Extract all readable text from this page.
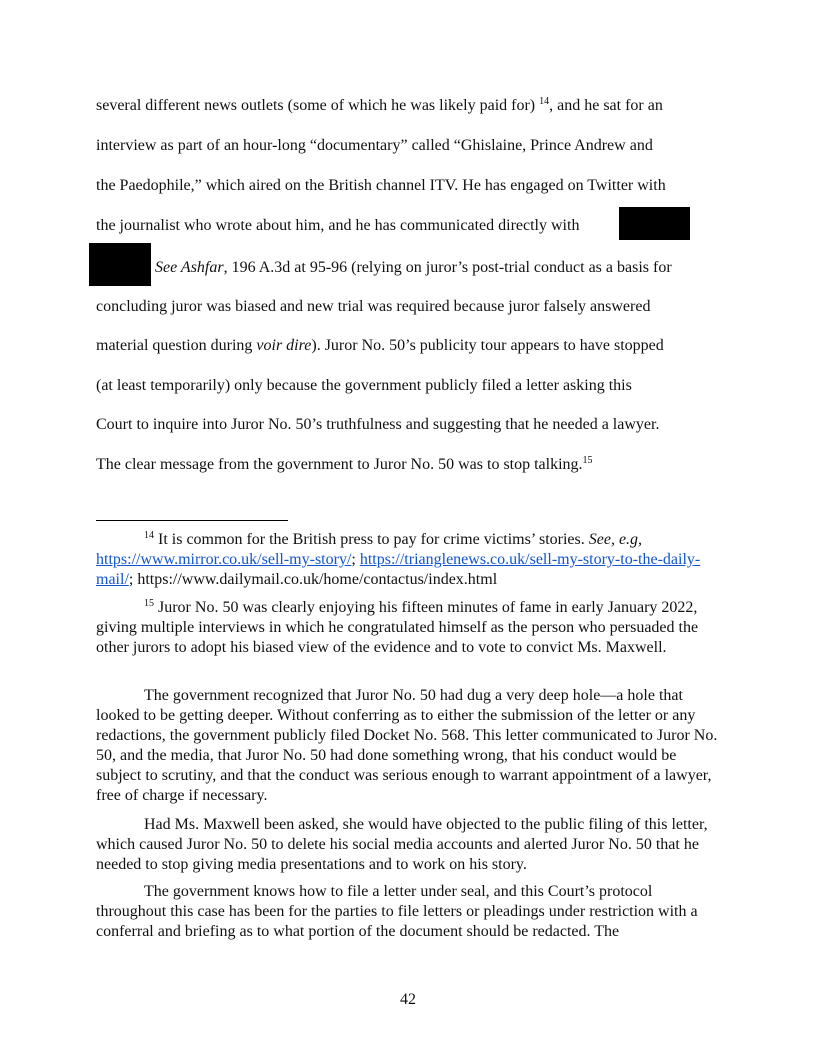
several different news outlets (some of which he was likely paid for) $^{14}$, and he sat for an
interview as part of an hour-long “documentary” called “Ghislaine, Prince Andrew and
the Paedophile,” which aired on the British channel ITV. He has engaged on Twitter with
the journalist who wrote about him, and he has communicated directly with
See Ashfar, 196 A.3d at 95-96 (relying on juror’s post-trial conduct as a basis for
concluding juror was biased and new trial was required because juror falsely answered
material question during voir dire). Juror No. 50’s publicity tour appears to have stopped
(at least temporarily) only because the government publicly filed a letter asking this
Court to inquire into Juror No. 50’s truthfulness and suggesting that he needed a lawyer.
The clear message from the government to Juror No. 50 was to stop talking.$^{15}$
$^{14}$ It is common for the British press to pay for crime victims’ stories. See, e.g, https://www.mirror.co.uk/sell-my-story/; https://trianglenews.co.uk/sell-my-story-to-the-daily-mail/; https://www.dailymail.co.uk/home/contactus/index.html
$^{15}$ Juror No. 50 was clearly enjoying his fifteen minutes of fame in early January 2022, giving multiple interviews in which he congratulated himself as the person who persuaded the other jurors to adopt his biased view of the evidence and to vote to convict Ms. Maxwell.
The government recognized that Juror No. 50 had dug a very deep hole—a hole that looked to be getting deeper. Without conferring as to either the submission of the letter or any redactions, the government publicly filed Docket No. 568. This letter communicated to Juror No. 50, and the media, that Juror No. 50 had done something wrong, that his conduct would be subject to scrutiny, and that the conduct was serious enough to warrant appointment of a lawyer, free of charge if necessary.
Had Ms. Maxwell been asked, she would have objected to the public filing of this letter, which caused Juror No. 50 to delete his social media accounts and alerted Juror No. 50 that he needed to stop giving media presentations and to work on his story.
The government knows how to file a letter under seal, and this Court’s protocol throughout this case has been for the parties to file letters or pleadings under restriction with a conferral and briefing as to what portion of the document should be redacted. The
42
